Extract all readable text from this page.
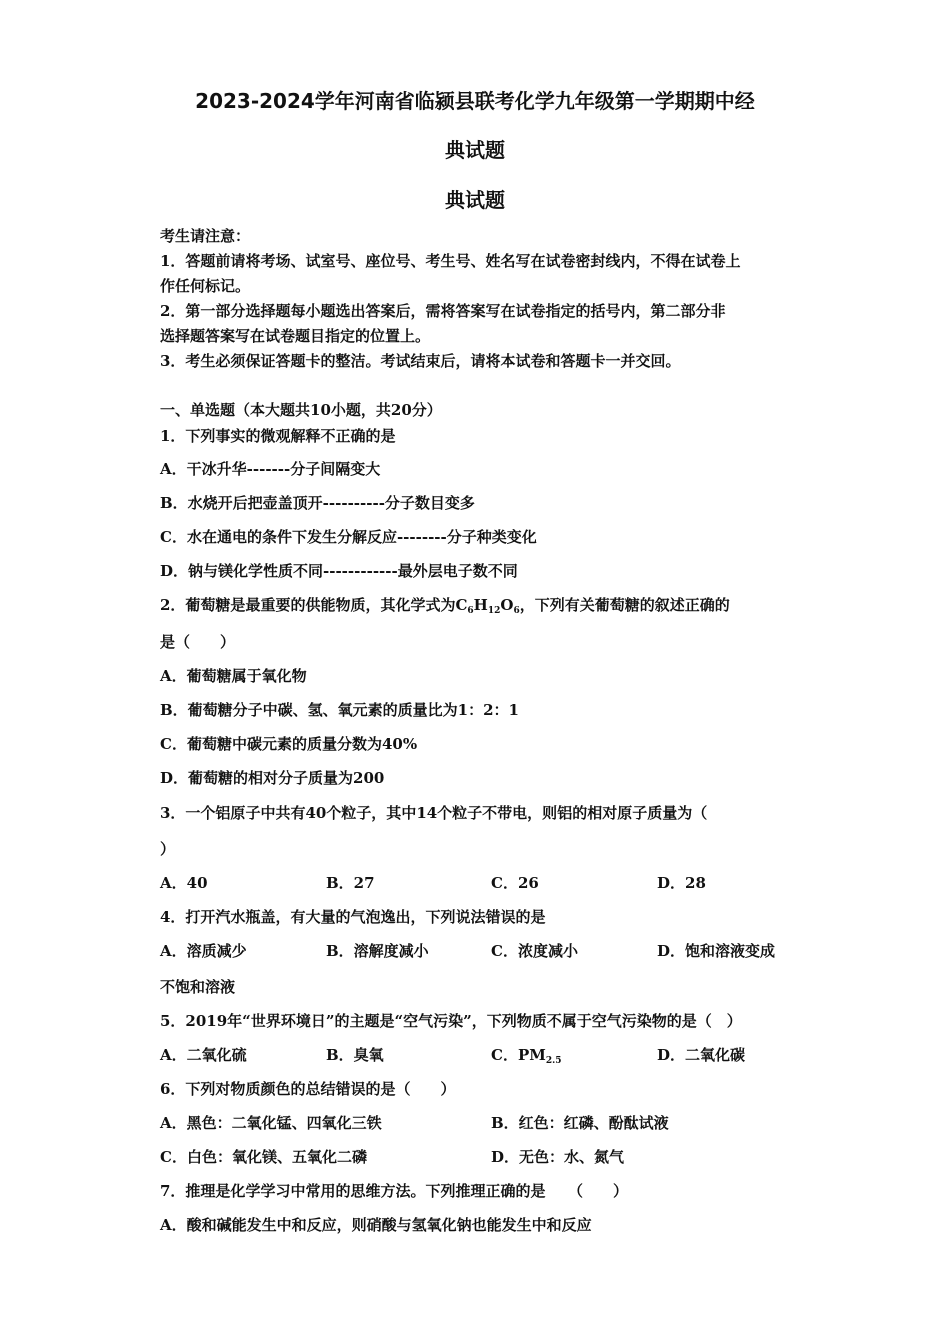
2023-2024学年河南省临颍县联考化学九年级第一学期期中经
典试题
典试题
考生请注意：
1．答题前请将考场、试室号、座位号、考生号、姓名写在试卷密封线内，不得在试卷上
作任何标记。
2．第一部分选择题每小题选出答案后，需将答案写在试卷指定的括号内，第二部分非
选择题答案写在试卷题目指定的位置上。
3．考生必须保证答题卡的整洁。考试结束后，请将本试卷和答题卡一并交回。
一、单选题（本大题共10小题，共20分）
1．下列事实的微观解释不正确的是
A．干冰升华-------分子间隔变大
B．水烧开后把壶盖顶开----------分子数目变多
C．水在通电的条件下发生分解反应--------分子种类变化
D．钠与镁化学性质不同------------最外层电子数不同
2．葡萄糖是最重要的供能物质，其化学式为$C_6H_{12}O_6$，下列有关葡萄糖的叙述正确的
是（　　）
A．葡萄糖属于氧化物
B．葡萄糖分子中碳、氢、氧元素的质量比为1：2：1
C．葡萄糖中碳元素的质量分数为40%
D．葡萄糖的相对分子质量为200
3．一个铝原子中共有40个粒子，其中14个粒子不带电，则铝的相对原子质量为（
）
A．40	B．27	C．26	D．28
4．打开汽水瓶盖，有大量的气泡逸出，下列说法错误的是
A．溶质减少	B．溶解度减小	C．浓度减小	D．饱和溶液变成
不饱和溶液
5．2019年“世界环境日”的主题是“空气污染”，下列物质不属于空气污染物的是（　）
A．二氧化硫	B．臭氧	C．$PM_{2.5}$	D．二氧化碳
6．下列对物质颜色的总结错误的是（　　）
A．黑色：二氧化锰、四氧化三铁	B．红色：红磷、酚酞试液
C．白色：氧化镁、五氧化二磷	D．无色：水、氮气
7．推理是化学学习中常用的思维方法。下列推理正确的是　　（　　）
A．酸和碱能发生中和反应，则硝酸与氢氧化钠也能发生中和反应
